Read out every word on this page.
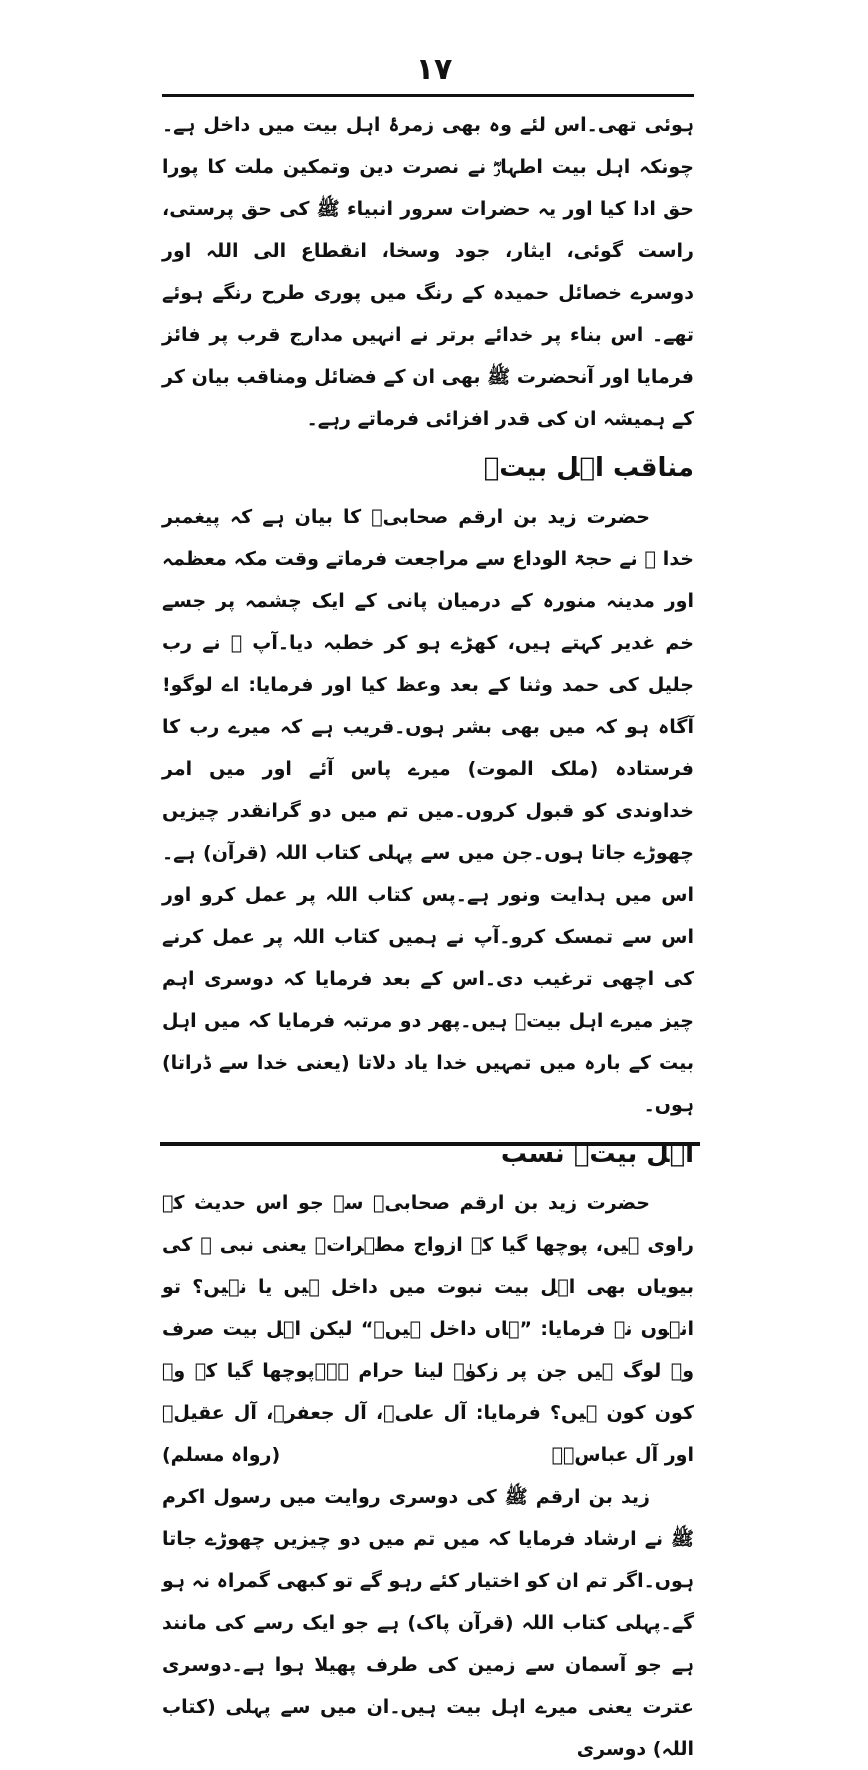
۱۷

ہوئی تھی۔اس لئے وہ بھی زمرۂ اہل بیت میں داخل ہے۔چونکہ اہل بیت اطہارؓ نے نصرت دین وتمکین ملت کا پورا حق ادا کیا اور یہ حضرات سرور انبیاء ﷺ کی حق پرستی، راست گوئی، ایثار، جود وسخا، انقطاع الی اللہ اور دوسرے خصائل حمیدہ کے رنگ میں پوری طرح رنگے ہوئے تھے۔ اس بناء پر خدائے برتر نے انہیں مدارج قرب پر فائز فرمایا اور آنحضرت ﷺ بھی ان کے فضائل ومناقب بیان کر کے ہمیشہ ان کی قدر افزائی فرماتے رہے۔

مناقب اہل بیتؓ

حضرت زید بن ارقم صحابیؓ کا بیان ہے کہ پیغمبر خدا ﷺ نے حجۃ الوداع سے مراجعت فرماتے وقت مکہ معظمہ اور مدینہ منورہ کے درمیان پانی کے ایک چشمہ پر جسے خم غدیر کہتے ہیں، کھڑے ہو کر خطبہ دیا۔آپ ﷺ نے رب جلیل کی حمد وثنا کے بعد وعظ کیا اور فرمایا: اے لوگو! آگاہ ہو کہ میں بھی بشر ہوں۔قریب ہے کہ میرے رب کا فرستادہ (ملک الموت) میرے پاس آئے اور میں امر خداوندی کو قبول کروں۔میں تم میں دو گرانقدر چیزیں چھوڑے جاتا ہوں۔جن میں سے پہلی کتاب اللہ (قرآن) ہے۔اس میں ہدایت ونور ہے۔پس کتاب اللہ پر عمل کرو اور اس سے تمسک کرو۔آپ نے ہمیں کتاب اللہ پر عمل کرنے کی اچھی ترغیب دی۔اس کے بعد فرمایا کہ دوسری اہم چیز میرے اہل بیتؓ ہیں۔پھر دو مرتبہ فرمایا کہ میں اہل بیت کے بارہ میں تمہیں خدا یاد دلاتا (یعنی خدا سے ڈراتا) ہوں۔

اہل بیتؓ نسب

حضرت زید بن ارقم صحابیؓ سے جو اس حدیث کے راوی ہیں، پوچھا گیا کہ ازواج مطہراتؓ یعنی نبی ﷺ کی بیویاں بھی اہل بیت نبوت میں داخل ہیں یا نہیں؟ تو انہوں نے فرمایا: ”ہاں داخل ہیں۔“ لیکن اہل بیت صرف وہ لوگ ہیں جن پر زکوٰۃ لینا حرام ہے۔پوچھا گیا کہ وہ کون کون ہیں؟ فرمایا: آل علیؓ، آل جعفرؓ، آل عقیلؓ اور آل عباسؓ۔
(رواہ مسلم)

زید بن ارقم ﷺ کی دوسری روایت میں رسول اکرم ﷺ نے ارشاد فرمایا کہ میں تم میں دو چیزیں چھوڑے جاتا ہوں۔اگر تم ان کو اختیار کئے رہو گے تو کبھی گمراہ نہ ہو گے۔پہلی کتاب اللہ (قرآن پاک) ہے جو ایک رسے کی مانند ہے جو آسمان سے زمین کی طرف پھیلا ہوا ہے۔دوسری عترت یعنی میرے اہل بیت ہیں۔ان میں سے پہلی (کتاب اللہ) دوسری
